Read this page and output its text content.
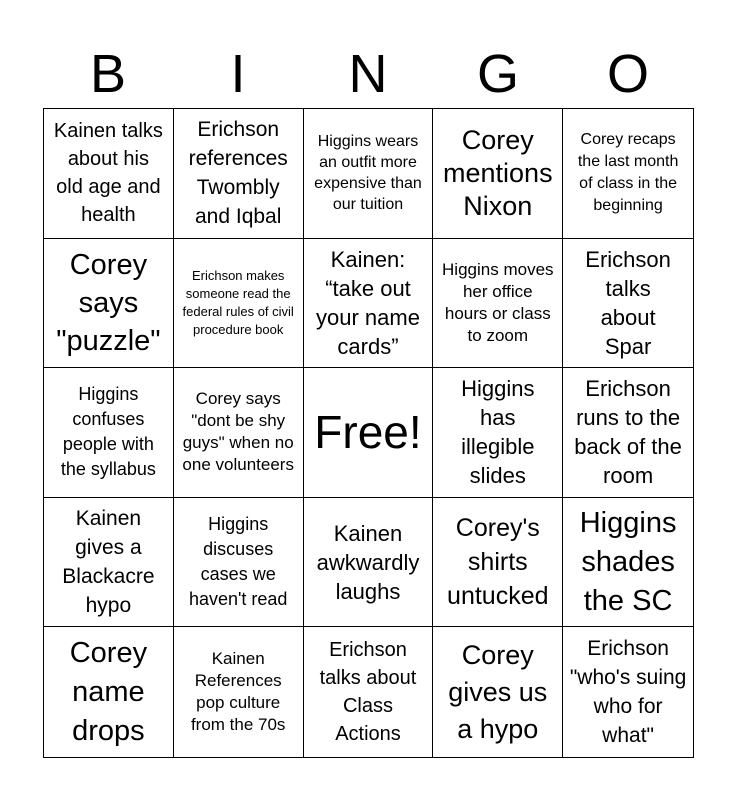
B	I	N	G	O
Kainen talks about his old age and health
Erichson references Twombly and Iqbal
Higgins wears an outfit more expensive than our tuition
Corey mentions Nixon
Corey recaps the last month of class in the beginning
Corey says "puzzle"
Erichson makes someone read the federal rules of civil procedure book
Kainen: “take out your name cards”
Higgins moves her office hours or class to zoom
Erichson talks about Spar
Higgins confuses people with the syllabus
Corey says "dont be shy guys" when no one volunteers
Free!
Higgins has illegible slides
Erichson runs to the back of the room
Kainen gives a Blackacre hypo
Higgins discuses cases we haven't read
Kainen awkwardly laughs
Corey's shirts untucked
Higgins shades the SC
Corey name drops
Kainen References pop culture from the 70s
Erichson talks about Class Actions
Corey gives us a hypo
Erichson "who's suing who for what"
